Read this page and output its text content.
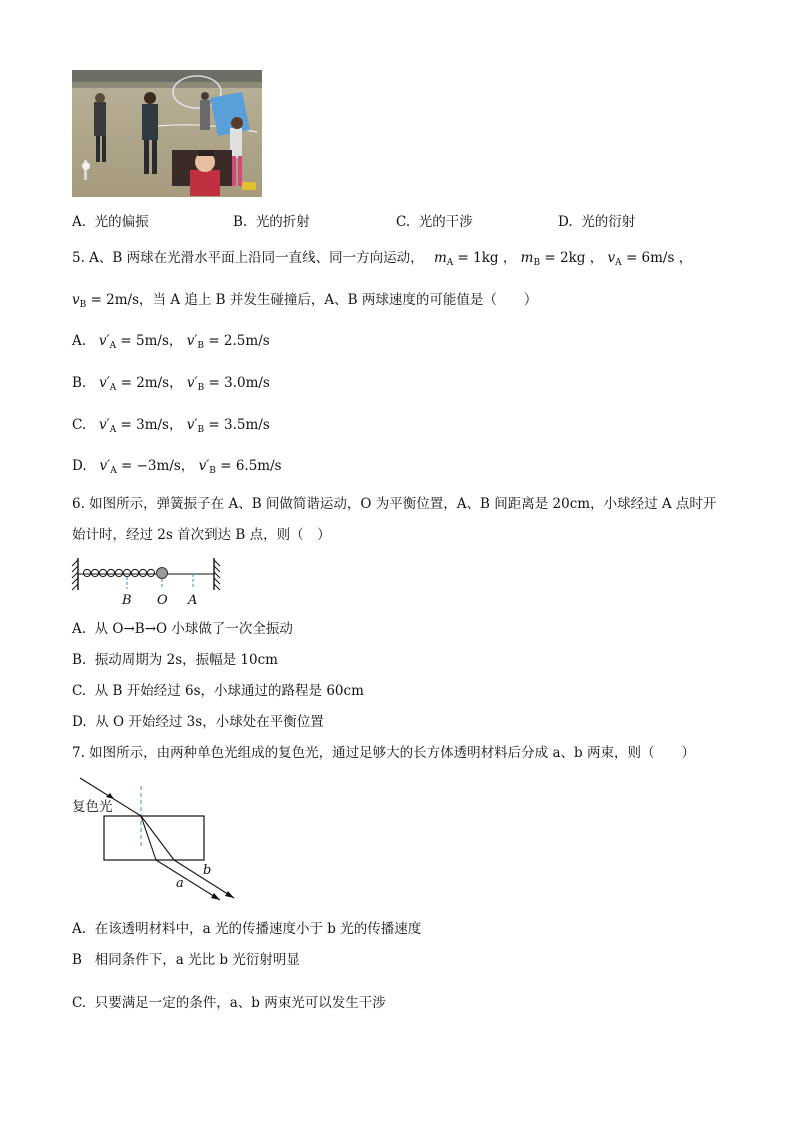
A. 光的偏振	B. 光的折射	C. 光的干涉	D. 光的衍射
5. A、B 两球在光滑水平面上沿同一直线、同一方向运动， $m_A = 1kg$ ， $m_B = 2kg$ ， $v_A = 6m/s$ ，
$v_B = 2m/s$，当 A 追上 B 并发生碰撞后，A、B 两球速度的可能值是（　　）
A. $v'_A = 5m/s$， $v'_B = 2.5m/s$
B. $v'_A = 2m/s$， $v'_B = 3.0m/s$
C. $v'_A = 3m/s$， $v'_B = 3.5m/s$
D. $v'_A = -3m/s$， $v'_B = 6.5m/s$
6. 如图所示，弹簧振子在 A、B 间做简谐运动，O 为平衡位置，A、B 间距离是 20cm，小球经过 A 点时开
始计时，经过 2s 首次到达 B 点，则（　）
B O A
A. 从 O→B→O 小球做了一次全振动
B. 振动周期为 2s，振幅是 10cm
C. 从 B 开始经过 6s，小球通过的路程是 60cm
D. 从 O 开始经过 3s，小球处在平衡位置
7. 如图所示，由两种单色光组成的复色光，通过足够大的长方体透明材料后分成 a、b 两束，则（　　）
a
b
复色光
A. 在该透明材料中，a 光的传播速度小于 b 光的传播速度
B 相同条件下，a 光比 b 光衍射明显
C. 只要满足一定的条件，a、b 两束光可以发生干涉
